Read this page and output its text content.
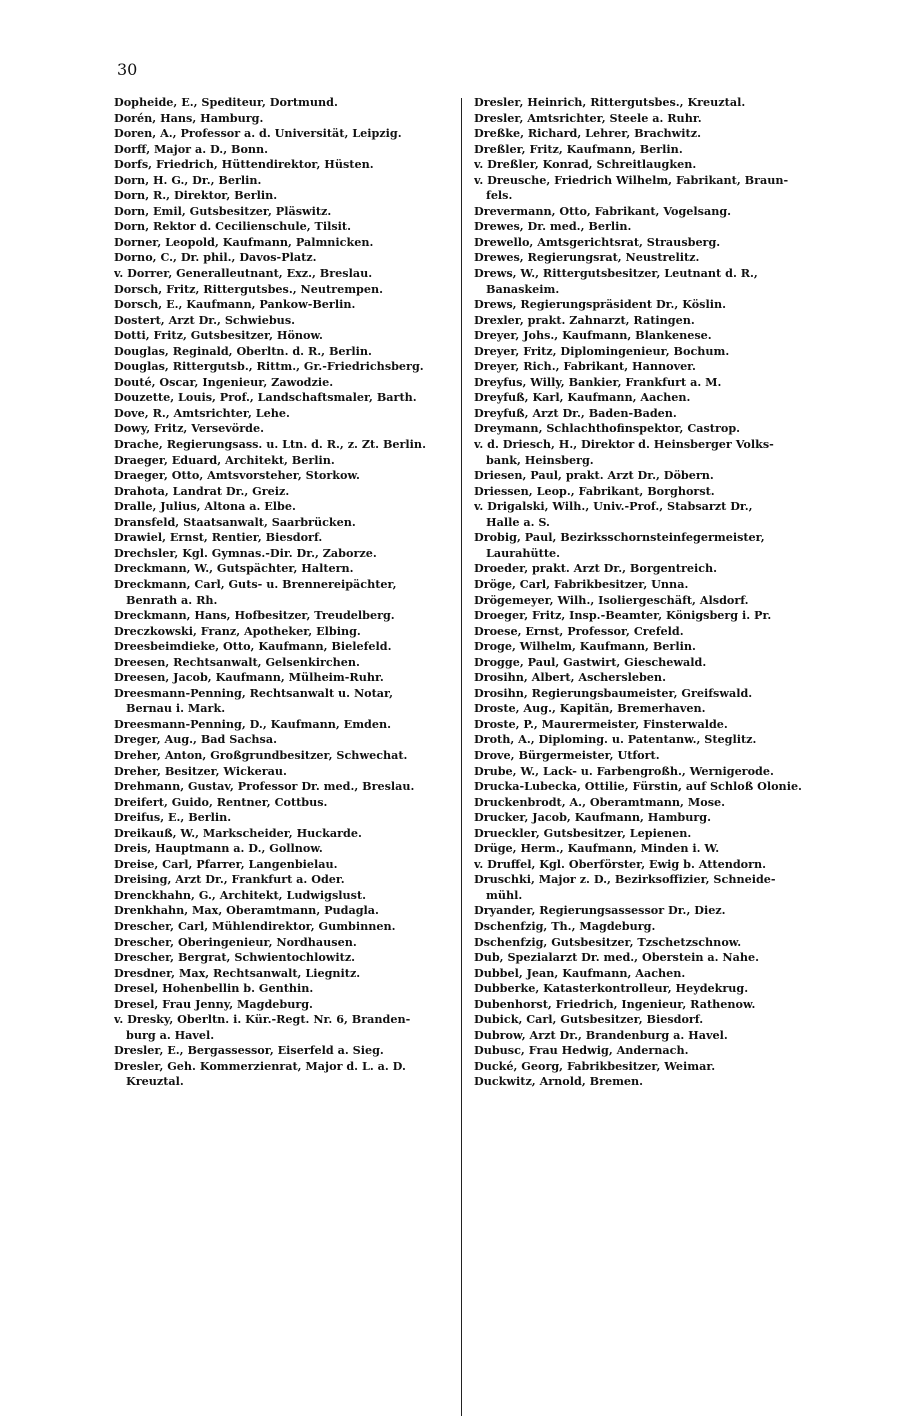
30
Dopheide, E., Spediteur, Dortmund.
Dorén, Hans, Hamburg.
Doren, A., Professor a. d. Universität, Leipzig.
Dorff, Major a. D., Bonn.
Dorfs, Friedrich, Hüttendirektor, Hüsten.
Dorn, H. G., Dr., Berlin.
Dorn, R., Direktor, Berlin.
Dorn, Emil, Gutsbesitzer, Pläswitz.
Dorn, Rektor d. Cecilienschule, Tilsit.
Dorner, Leopold, Kaufmann, Palmnicken.
Dorno, C., Dr. phil., Davos-Platz.
v. Dorrer, Generalleutnant, Exz., Breslau.
Dorsch, Fritz, Rittergutsbes., Neutrempen.
Dorsch, E., Kaufmann, Pankow-Berlin.
Dostert, Arzt Dr., Schwiebus.
Dotti, Fritz, Gutsbesitzer, Hönow.
Douglas, Reginald, Oberltn. d. R., Berlin.
Douglas, Rittergutsb., Rittm., Gr.-Friedrichsberg.
Douté, Oscar, Ingenieur, Zawodzie.
Douzette, Louis, Prof., Landschaftsmaler, Barth.
Dove, R., Amtsrichter, Lehe.
Dowy, Fritz, Versevörde.
Drache, Regierungsass. u. Ltn. d. R., z. Zt. Berlin.
Draeger, Eduard, Architekt, Berlin.
Draeger, Otto, Amtsvorsteher, Storkow.
Drahota, Landrat Dr., Greiz.
Dralle, Julius, Altona a. Elbe.
Dransfeld, Staatsanwalt, Saarbrücken.
Drawiel, Ernst, Rentier, Biesdorf.
Drechsler, Kgl. Gymnas.-Dir. Dr., Zaborze.
Dreckmann, W., Gutspächter, Haltern.
Dreckmann, Carl, Guts- u. Brennereipächter,
Benrath a. Rh.
Dreckmann, Hans, Hofbesitzer, Treudelberg.
Dreczkowski, Franz, Apotheker, Elbing.
Dreesbeimdieke, Otto, Kaufmann, Bielefeld.
Dreesen, Rechtsanwalt, Gelsenkirchen.
Dreesen, Jacob, Kaufmann, Mülheim-Ruhr.
Dreesmann-Penning, Rechtsanwalt u. Notar,
Bernau i. Mark.
Dreesmann-Penning, D., Kaufmann, Emden.
Dreger, Aug., Bad Sachsa.
Dreher, Anton, Großgrundbesitzer, Schwechat.
Dreher, Besitzer, Wickerau.
Drehmann, Gustav, Professor Dr. med., Breslau.
Dreifert, Guido, Rentner, Cottbus.
Dreifus, E., Berlin.
Dreikauß, W., Markscheider, Huckarde.
Dreis, Hauptmann a. D., Gollnow.
Dreise, Carl, Pfarrer, Langenbielau.
Dreising, Arzt Dr., Frankfurt a. Oder.
Drenckhahn, G., Architekt, Ludwigslust.
Drenkhahn, Max, Oberamtmann, Pudagla.
Drescher, Carl, Mühlendirektor, Gumbinnen.
Drescher, Oberingenieur, Nordhausen.
Drescher, Bergrat, Schwientochlowitz.
Dresdner, Max, Rechtsanwalt, Liegnitz.
Dresel, Hohenbellin b. Genthin.
Dresel, Frau Jenny, Magdeburg.
v. Dresky, Oberltn. i. Kür.-Regt. Nr. 6, Branden-
burg a. Havel.
Dresler, E., Bergassessor, Eiserfeld a. Sieg.
Dresler, Geh. Kommerzienrat, Major d. L. a. D.
Kreuztal.
Dresler, Heinrich, Rittergutsbes., Kreuztal.
Dresler, Amtsrichter, Steele a. Ruhr.
Dreßke, Richard, Lehrer, Brachwitz.
Dreßler, Fritz, Kaufmann, Berlin.
v. Dreßler, Konrad, Schreitlaugken.
v. Dreusche, Friedrich Wilhelm, Fabrikant, Braun-
fels.
Drevermann, Otto, Fabrikant, Vogelsang.
Drewes, Dr. med., Berlin.
Drewello, Amtsgerichtsrat, Strausberg.
Drewes, Regierungsrat, Neustrelitz.
Drews, W., Rittergutsbesitzer, Leutnant d. R.,
Banaskeim.
Drews, Regierungspräsident Dr., Köslin.
Drexler, prakt. Zahnarzt, Ratingen.
Dreyer, Johs., Kaufmann, Blankenese.
Dreyer, Fritz, Diplomingenieur, Bochum.
Dreyer, Rich., Fabrikant, Hannover.
Dreyfus, Willy, Bankier, Frankfurt a. M.
Dreyfuß, Karl, Kaufmann, Aachen.
Dreyfuß, Arzt Dr., Baden-Baden.
Dreymann, Schlachthofinspektor, Castrop.
v. d. Driesch, H., Direktor d. Heinsberger Volks-
bank, Heinsberg.
Driesen, Paul, prakt. Arzt Dr., Döbern.
Driessen, Leop., Fabrikant, Borghorst.
v. Drigalski, Wilh., Univ.-Prof., Stabsarzt Dr.,
Halle a. S.
Drobig, Paul, Bezirksschornsteinfegermeister,
Laurahütte.
Droeder, prakt. Arzt Dr., Borgentreich.
Dröge, Carl, Fabrikbesitzer, Unna.
Drögemeyer, Wilh., Isoliergeschäft, Alsdorf.
Droeger, Fritz, Insp.-Beamter, Königsberg i. Pr.
Droese, Ernst, Professor, Crefeld.
Droge, Wilhelm, Kaufmann, Berlin.
Drogge, Paul, Gastwirt, Gieschewald.
Drosihn, Albert, Aschersleben.
Drosihn, Regierungsbaumeister, Greifswald.
Droste, Aug., Kapitän, Bremerhaven.
Droste, P., Maurermeister, Finsterwalde.
Droth, A., Diploming. u. Patentanw., Steglitz.
Drove, Bürgermeister, Utfort.
Drube, W., Lack- u. Farbengroßh., Wernigerode.
Drucka-Lubecka, Ottilie, Fürstin, auf Schloß Olonie.
Druckenbrodt, A., Oberamtmann, Mose.
Drucker, Jacob, Kaufmann, Hamburg.
Drueckler, Gutsbesitzer, Lepienen.
Drüge, Herm., Kaufmann, Minden i. W.
v. Druffel, Kgl. Oberförster, Ewig b. Attendorn.
Druschki, Major z. D., Bezirksoffizier, Schneide-
mühl.
Dryander, Regierungsassessor Dr., Diez.
Dschenfzig, Th., Magdeburg.
Dschenfzig, Gutsbesitzer, Tzschetzschnow.
Dub, Spezialarzt Dr. med., Oberstein a. Nahe.
Dubbel, Jean, Kaufmann, Aachen.
Dubberke, Katasterkontrolleur, Heydekrug.
Dubenhorst, Friedrich, Ingenieur, Rathenow.
Dubick, Carl, Gutsbesitzer, Biesdorf.
Dubrow, Arzt Dr., Brandenburg a. Havel.
Dubusc, Frau Hedwig, Andernach.
Ducké, Georg, Fabrikbesitzer, Weimar.
Duckwitz, Arnold, Bremen.
